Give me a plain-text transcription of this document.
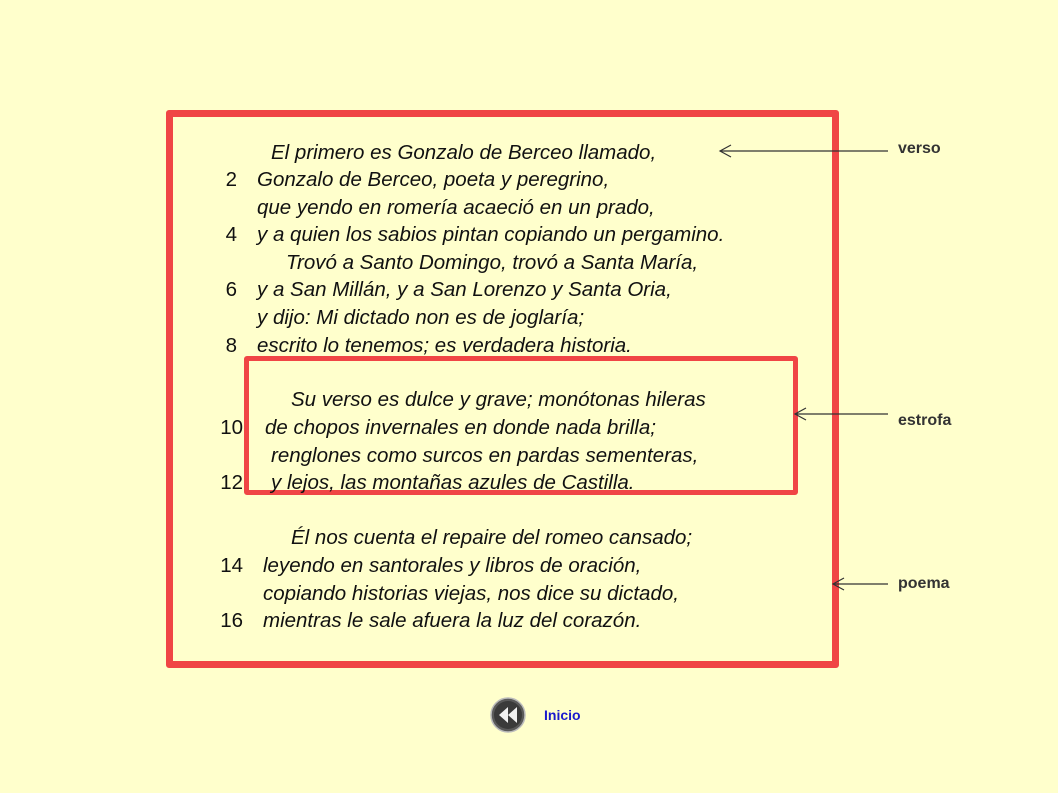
El primero es Gonzalo de Berceo llamado,
Gonzalo de Berceo, poeta y peregrino,
que yendo en romería acaeció en un prado,
y a quien los sabios pintan copiando un pergamino.
Trovó a Santo Domingo, trovó a Santa María,
y a San Millán, y a San Lorenzo y Santa Oria,
y dijo: Mi dictado non es de joglaría;
escrito lo tenemos; es verdadera historia.
Su verso es dulce y grave; monótonas hileras
de chopos invernales en donde nada brilla;
renglones como surcos en pardas sementeras,
y lejos, las montañas azules de Castilla.
Él nos cuenta el repaire del romeo cansado;
leyendo en santorales y libros de oración,
copiando historias viejas, nos dice su dictado,
mientras le sale afuera la luz del corazón.
2
4
6
8
10
12
14
16
verso
estrofa
poema
Inicio
